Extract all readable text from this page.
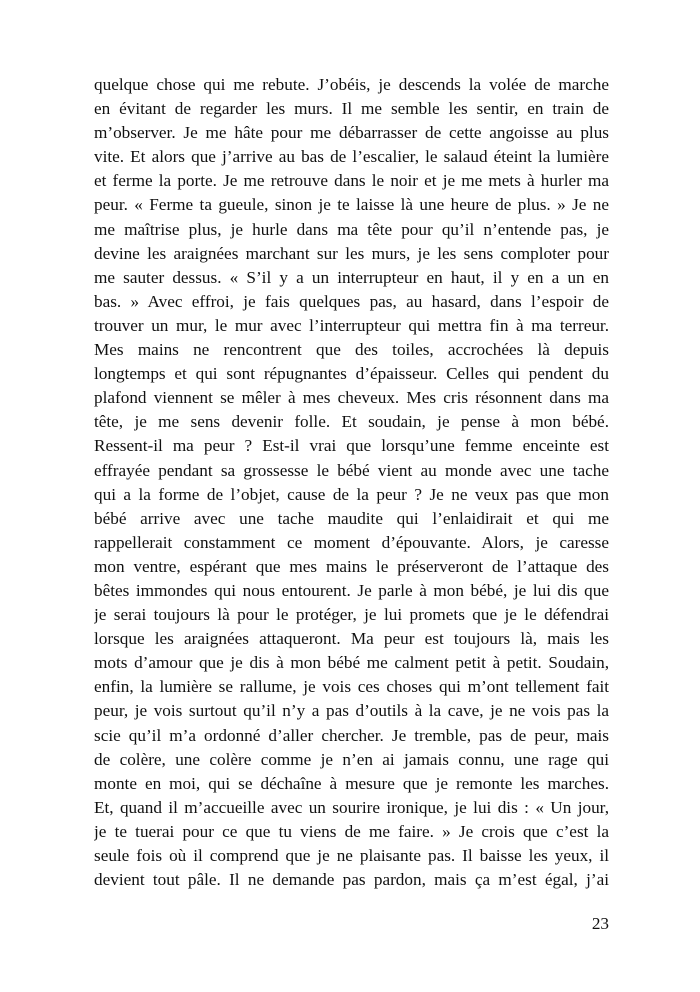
quelque chose qui me rebute. J’obéis, je descends la volée de marche
en évitant de regarder les murs. Il me semble les sentir, en train de
m’observer. Je me hâte pour me débarrasser de cette angoisse au plus
vite. Et alors que j’arrive au bas de l’escalier, le salaud éteint la lumière
et ferme la porte. Je me retrouve dans le noir et je me mets à hurler ma
peur. « Ferme ta gueule, sinon je te laisse là une heure de plus. » Je ne
me maîtrise plus, je hurle dans ma tête pour qu’il n’entende pas, je
devine les araignées marchant sur les murs, je les sens comploter pour
me sauter dessus. « S’il y a un interrupteur en haut, il y en a un en
bas. » Avec effroi, je fais quelques pas, au hasard, dans l’espoir de
trouver un mur, le mur avec l’interrupteur qui mettra fin à ma terreur.
Mes mains ne rencontrent que des toiles, accrochées là depuis
longtemps et qui sont répugnantes d’épaisseur. Celles qui pendent du
plafond viennent se mêler à mes cheveux. Mes cris résonnent dans ma
tête, je me sens devenir folle. Et soudain, je pense à mon bébé.
Ressent-il ma peur ? Est-il vrai que lorsqu’une femme enceinte est
effrayée pendant sa grossesse le bébé vient au monde avec une tache
qui a la forme de l’objet, cause de la peur ? Je ne veux pas que mon
bébé arrive avec une tache maudite qui l’enlaidirait et qui me
rappellerait constamment ce moment d’épouvante. Alors, je caresse
mon ventre, espérant que mes mains le préserveront de l’attaque des
bêtes immondes qui nous entourent. Je parle à mon bébé, je lui dis que
je serai toujours là pour le protéger, je lui promets que je le défendrai
lorsque les araignées attaqueront. Ma peur est toujours là, mais les
mots d’amour que je dis à mon bébé me calment petit à petit. Soudain,
enfin, la lumière se rallume, je vois ces choses qui m’ont tellement fait
peur, je vois surtout qu’il n’y a pas d’outils à la cave, je ne vois pas la
scie qu’il m’a ordonné d’aller chercher. Je tremble, pas de peur, mais
de colère, une colère comme je n’en ai jamais connu, une rage qui
monte en moi, qui se déchaîne à mesure que je remonte les marches.
Et, quand il m’accueille avec un sourire ironique, je lui dis : « Un jour,
je te tuerai pour ce que tu viens de me faire. » Je crois que c’est la
seule fois où il comprend que je ne plaisante pas. Il baisse les yeux, il
devient tout pâle. Il ne demande pas pardon, mais ça m’est égal, j’ai
23
